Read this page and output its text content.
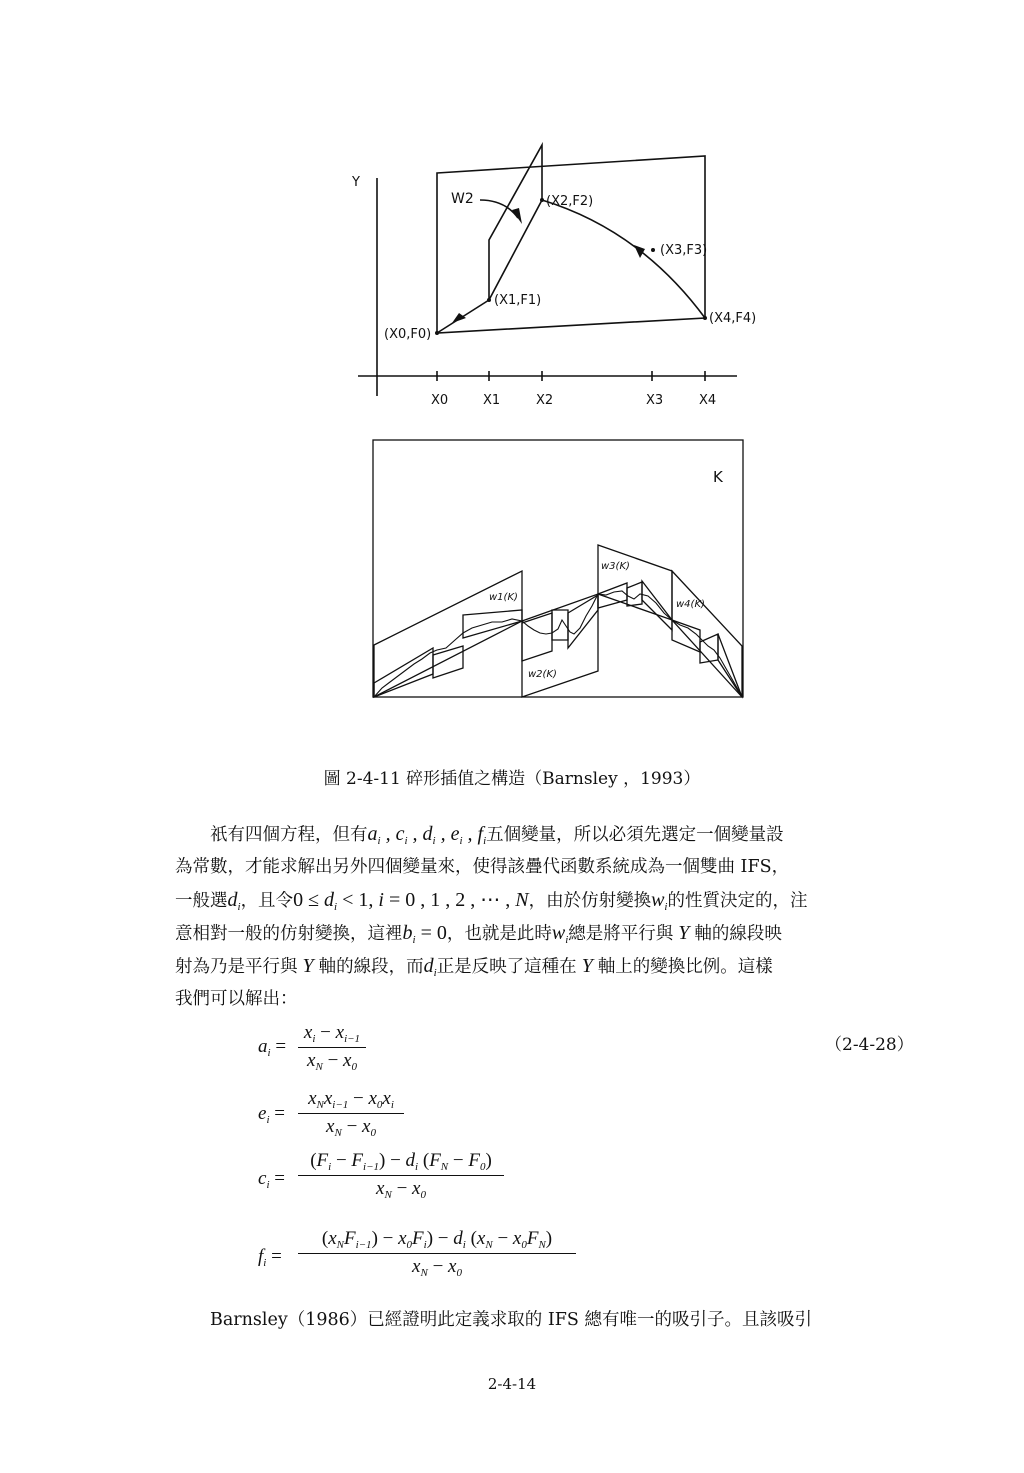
Y
W2
(X0,F0)
(X1,F1)
(X2,F2)
(X3,F3)
(X4,F4)
X0	X1	X2	X3	X4
K
w1(K)
w2(K)
w3(K)
w4(K)
圖 2-4-11 碎形插值之構造（Barnsley ，1993）
祇有四個方程，但有$a_i$ , $c_i$ , $d_i$ , $e_i$ , $f_i$五個變量，所以必須先選定一個變量設
為常數，才能求解出另外四個變量來，使得該疊代函數系統成為一個雙曲 IFS，
一般選$d_i$，且令$0 \le d_i < 1$, i = 0 , 1 , 2 , ⋯ , N，由於仿射變換$w_i$的性質決定的，注
意相對一般的仿射變換，這裡$b_i = 0$，也就是此時$w_i$總是將平行與 Y 軸的線段映
射為乃是平行與 Y 軸的線段，而$d_i$正是反映了這種在 Y 軸上的變換比例。這樣
我們可以解出：
$a_i$ =
$x_i - x_{i-1}$
$x_N - x_0$
$e_i$ =
$x_Nx_{i-1} - x_0x_i$
$x_N - x_0$
$c_i$ =
$(F_i - F_{i-1}) - d_i$ $(F_N - F_0)$
$x_N - x_0$
$f_i$ =
$(x_NF_{i-1}) - x_0F_i) - d_i$ $(x_N - x_0F_N)$
$x_N - x_0$
（2-4-28）
Barnsley（1986）已經證明此定義求取的 IFS 總有唯一的吸引子。且該吸引
2-4-14
